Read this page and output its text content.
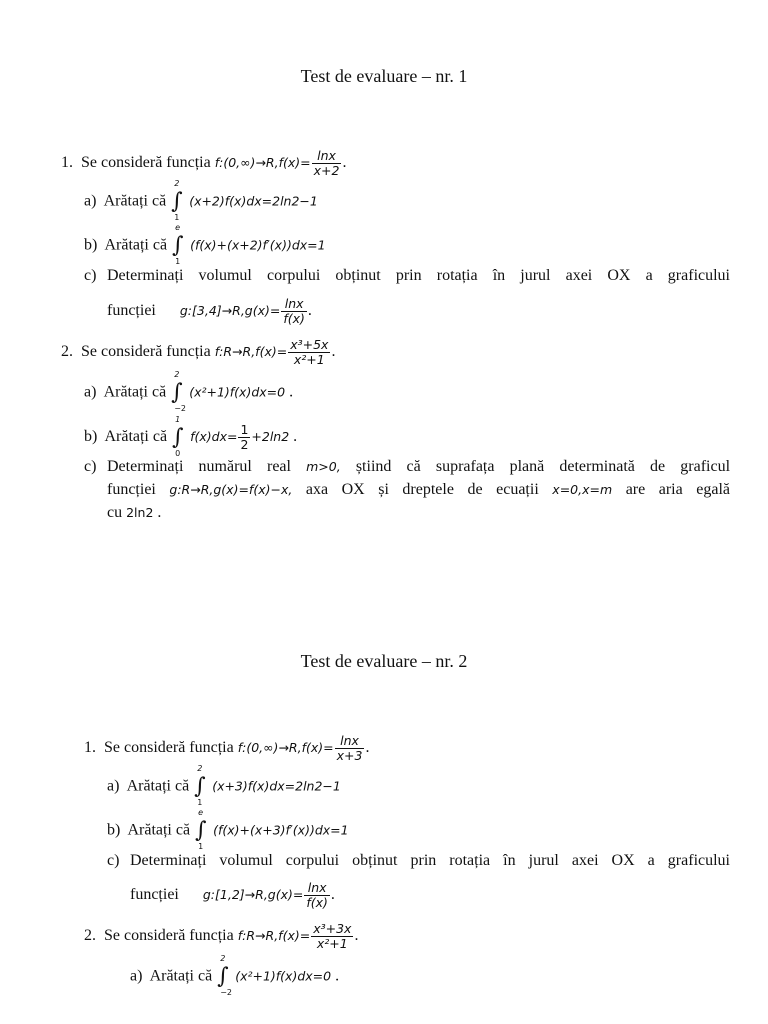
Test de evaluare – nr. 1
1. Se consideră funcția f:(0,∞)→R,f(x)= $\frac{\ln x}{x+2}$ .
a) Arătați că ∫
2
1
(x+2)f(x)dx=2ln2−1
b) Arătați că ∫
e
1
(f(x)+(x+2)f′(x))dx=1
c) Determinați volumul corpului obținut prin rotația în jurul axei OX a graficului
funcției g:[3,4]→R,g(x)= $\frac{\ln x}{f(x)}$ .
2. Se consideră funcția f:R→R,f(x)= $\frac{\text{x³+5x}}{\text{x²+1}}$ .
a) Arătați că ∫
2
−2
(x²+1)f(x)dx=0 .
b) Arătați că ∫
1
0
$f(x)dx= \frac{1}{2} +2\ln 2$ .
c) Determinați numărul real m>0, știind că suprafața plană determinată de graficul
funcției g:R→R,g(x)=f(x)−x, axa OX și dreptele de ecuații x=0,x=m are aria egală
cu 2ln2 .
Test de evaluare – nr. 2
1. Se consideră funcția f:(0,∞)→R,f(x)= $\frac{\ln x}{x+3}$ .
a) Arătați că ∫
2
1
(x+3)f(x)dx=2ln2−1
b) Arătați că ∫
e
1
(f(x)+(x+3)f′(x))dx=1
c) Determinați volumul corpului obținut prin rotația în jurul axei OX a graficului
funcției g:[1,2]→R,g(x)= $\frac{\ln x}{f(x)}$ .
2. Se consideră funcția f:R→R,f(x)= $\frac{\text{x³+3x}}{\text{x²+1}}$ .
a) Arătați că ∫
2
−2
(x²+1)f(x)dx=0 .
